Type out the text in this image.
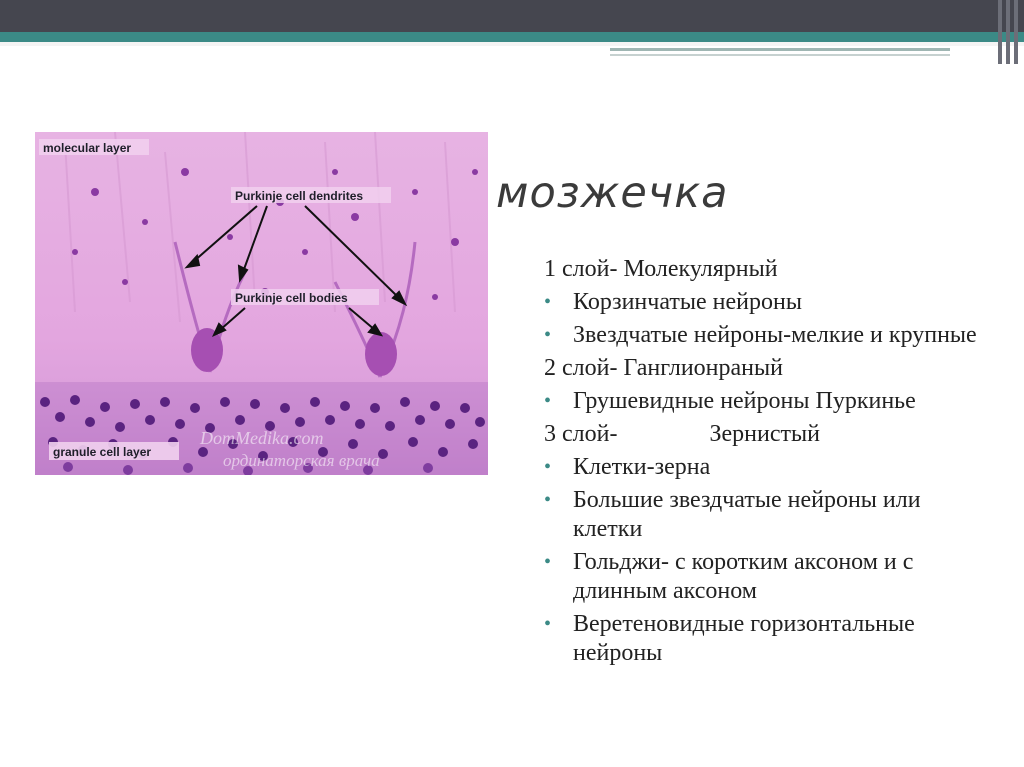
molecular layer
Purkinje cell dendrites
Purkinje cell bodies
granule cell layer
DomMedika.com
ординаторская врача
мозжечка
1 слой- Молекулярный
• Корзинчатые нейроны
• Звездчатые нейроны-мелкие и крупные
2 слой- Ганглионраный
• Грушевидные нейроны Пуркинье
3 слой-	Зернистый
• Клетки-зерна
• Большие звездчатые нейроны или клетки
• Гольджи- с коротким аксоном и с длинным аксоном
• Веретеновидные горизонтальные нейроны
